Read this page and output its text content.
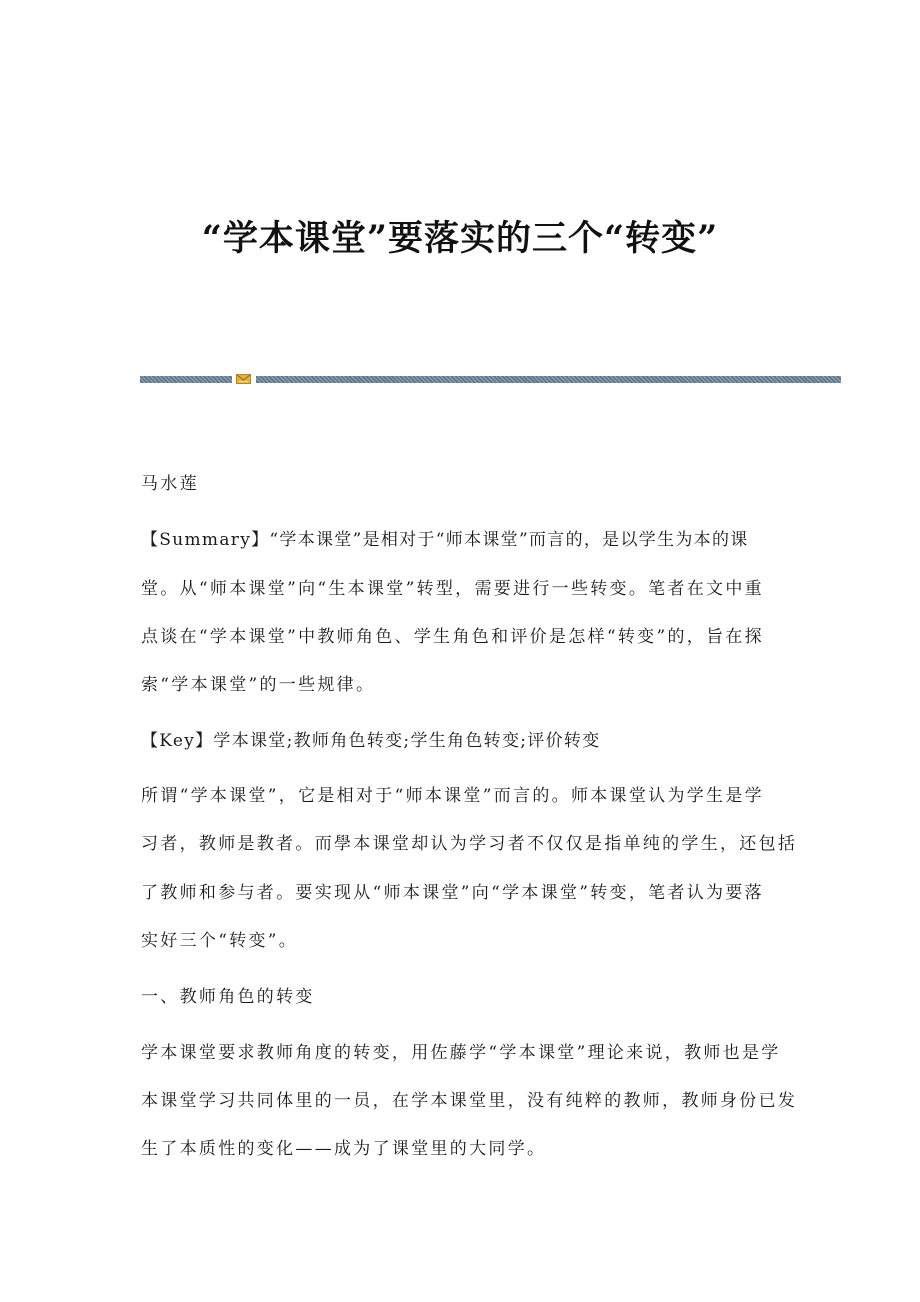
“学本课堂”要落实的三个“转变”
马水莲
【Summary】“学本课堂”是相对于“师本课堂”而言的，是以学生为本的课
堂。从“师本课堂”向“生本课堂”转型，需要进行一些转变。笔者在文中重
点谈在“学本课堂”中教师角色、学生角色和评价是怎样“转变”的，旨在探
索“学本课堂”的一些规律。
【Key】学本课堂;教师角色转变;学生角色转变;评价转变
所谓“学本课堂”，它是相对于“师本课堂”而言的。师本课堂认为学生是学
习者，教师是教者。而學本课堂却认为学习者不仅仅是指单纯的学生，还包括
了教师和参与者。要实现从“师本课堂”向“学本课堂”转变，笔者认为要落
实好三个“转变”。
一、教师角色的转变
学本课堂要求教师角度的转变，用佐藤学“学本课堂”理论来说，教师也是学
本课堂学习共同体里的一员，在学本课堂里，没有纯粹的教师，教师身份已发
生了本质性的变化——成为了课堂里的大同学。
